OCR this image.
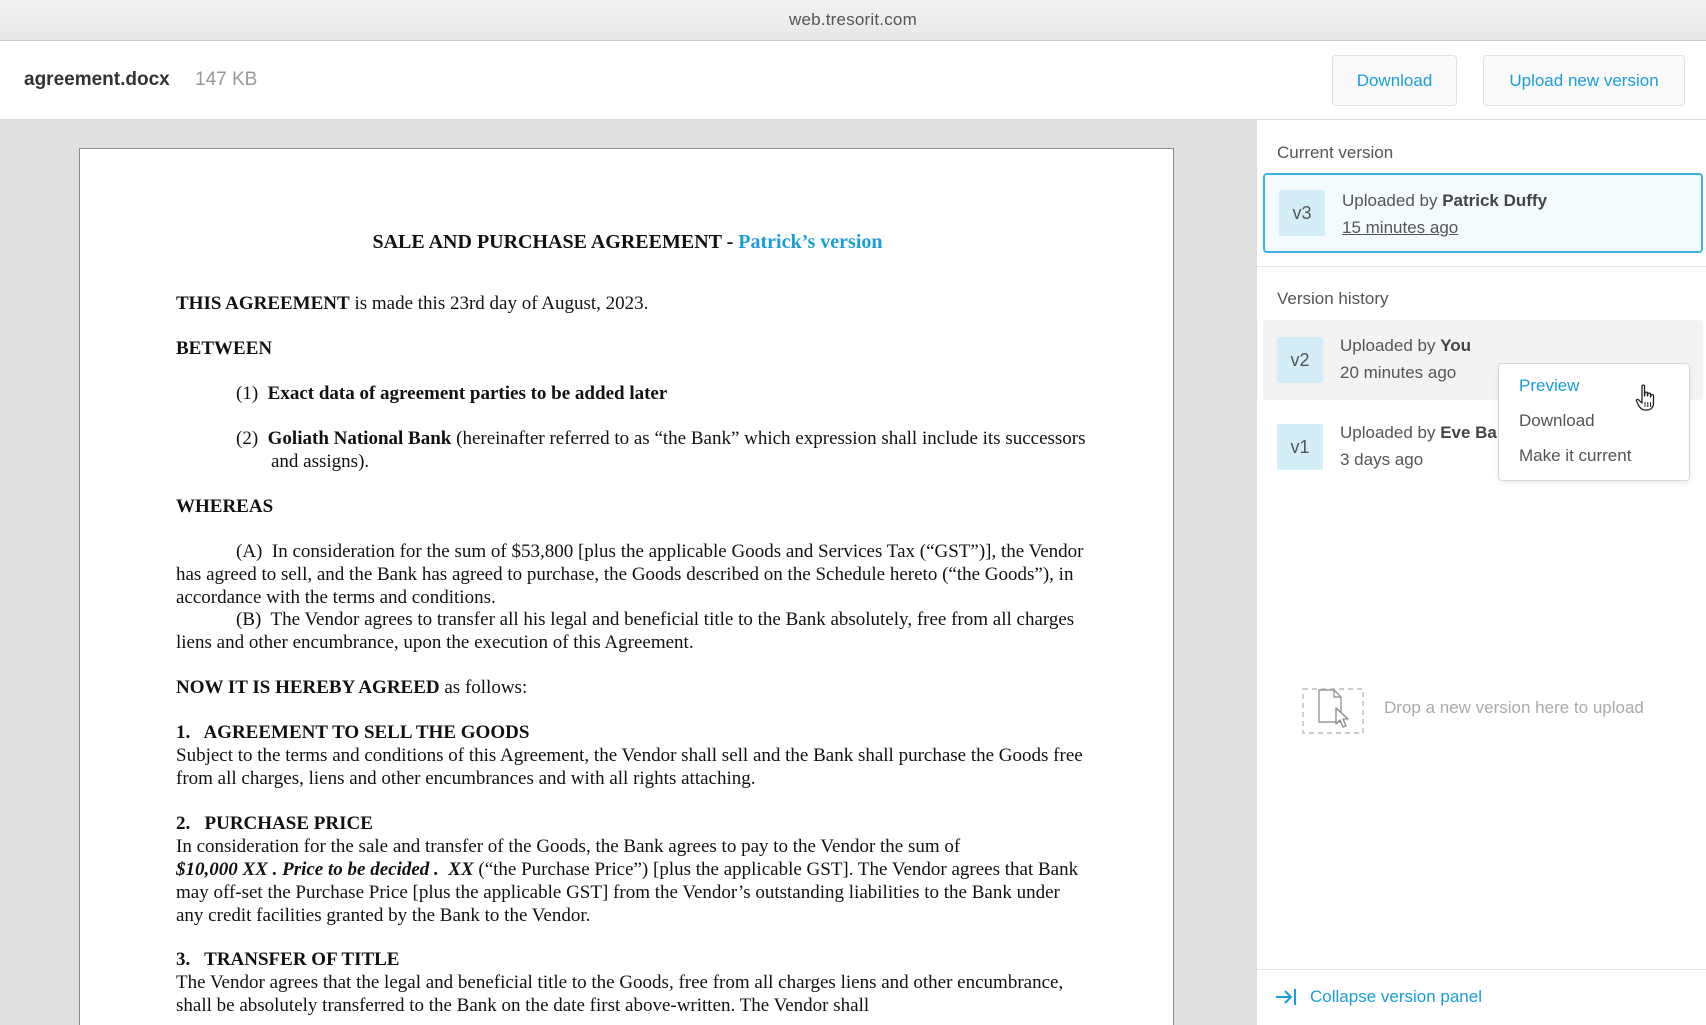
web.tresorit.com
agreement.docx 147 KB	Download	Upload new version
SALE AND PURCHASE AGREEMENT - Patrick’s version
THIS AGREEMENT is made this 23rd day of August, 2023.
BETWEEN
(1) Exact data of agreement parties to be added later
(2) Goliath National Bank (hereinafter referred to as “the Bank” which expression shall include its successors and assigns).
WHEREAS
(A) In consideration for the sum of $53,800 [plus the applicable Goods and Services Tax (“GST”)], the Vendor has agreed to sell, and the Bank has agreed to purchase, the Goods described on the Schedule hereto (“the Goods”), in accordance with the terms and conditions.
(B) The Vendor agrees to transfer all his legal and beneficial title to the Bank absolutely, free from all charges liens and other encumbrance, upon the execution of this Agreement.
NOW IT IS HEREBY AGREED as follows:
1.   AGREEMENT TO SELL THE GOODS
Subject to the terms and conditions of this Agreement, the Vendor shall sell and the Bank shall purchase the Goods free from all charges, liens and other encumbrances and with all rights attaching.
2.   PURCHASE PRICE
In consideration for the sale and transfer of the Goods, the Bank agrees to pay to the Vendor the sum of $10,000 XX . Price to be decided .  XX (“the Purchase Price”) [plus the applicable GST]. The Vendor agrees that Bank may off-set the Purchase Price [plus the applicable GST] from the Vendor’s outstanding liabilities to the Bank under any credit facilities granted by the Bank to the Vendor.
3.   TRANSFER OF TITLE
The Vendor agrees that the legal and beneficial title to the Goods, free from all charges liens and other encumbrance, shall be absolutely transferred to the Bank on the date first above-written. The Vendor shall
Current version
v3
Uploaded by Patrick Duffy
15 minutes ago
Version history
v2
Uploaded by You
20 minutes ago
v1
Uploaded by Eve Ba
3 days ago
Preview
Download
Make it current
Drop a new version here to upload
Collapse version panel
